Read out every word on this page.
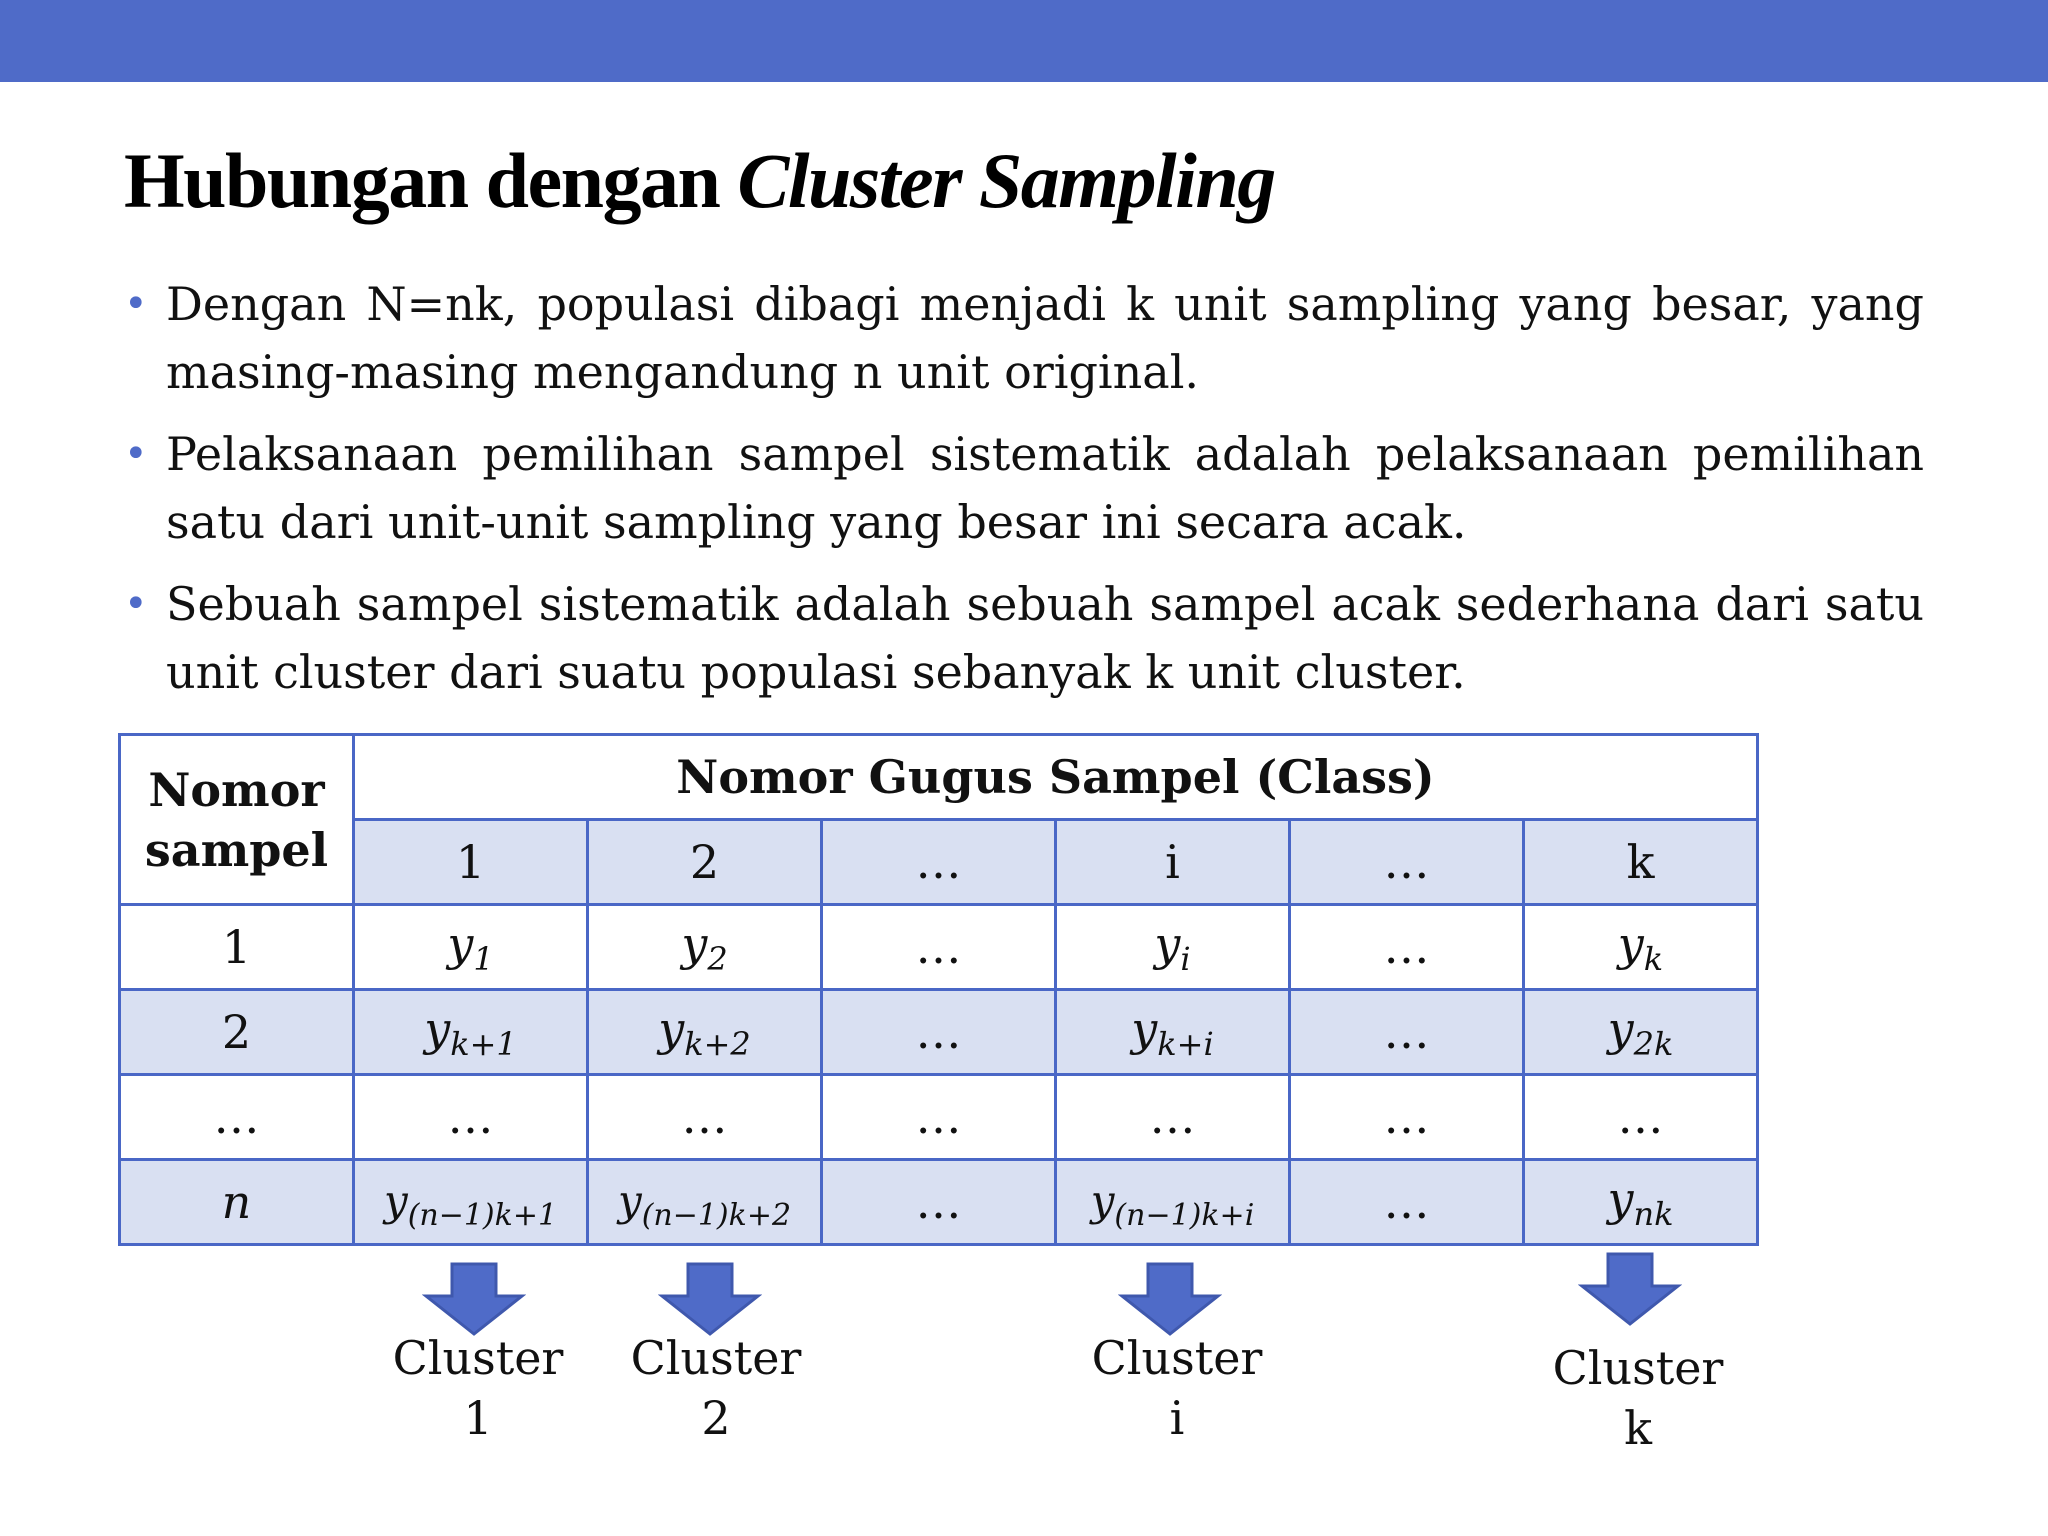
Hubungan dengan Cluster Sampling
• Dengan N=nk, populasi dibagi menjadi k unit sampling yang besar, yang masing-masing mengandung n unit original.
• Pelaksanaan pemilihan sampel sistematik adalah pelaksanaan pemilihan satu dari unit-unit sampling yang besar ini secara acak.
• Sebuah sampel sistematik adalah sebuah sampel acak sederhana dari satu unit cluster dari suatu populasi sebanyak k unit cluster.
Nomor
sampel	Nomor Gugus Sampel (Class)					
	1	2	…	i	…	k
1	$y_1$	$y_2$	…	$y_i$	…	$y_k$
2	$y_{k+1}$	$y_{k+2}$	…	$y_{k+i}$	…	$y_{2k}$
…	…	…	…	…	…	…
n	$y_{(n-1)k+1}$	$y_{(n-1)k+2}$	…	$y_{(n-1)k+i}$	…	$y_{nk}$
Cluster
1
Cluster
2
Cluster
i
Cluster
k
